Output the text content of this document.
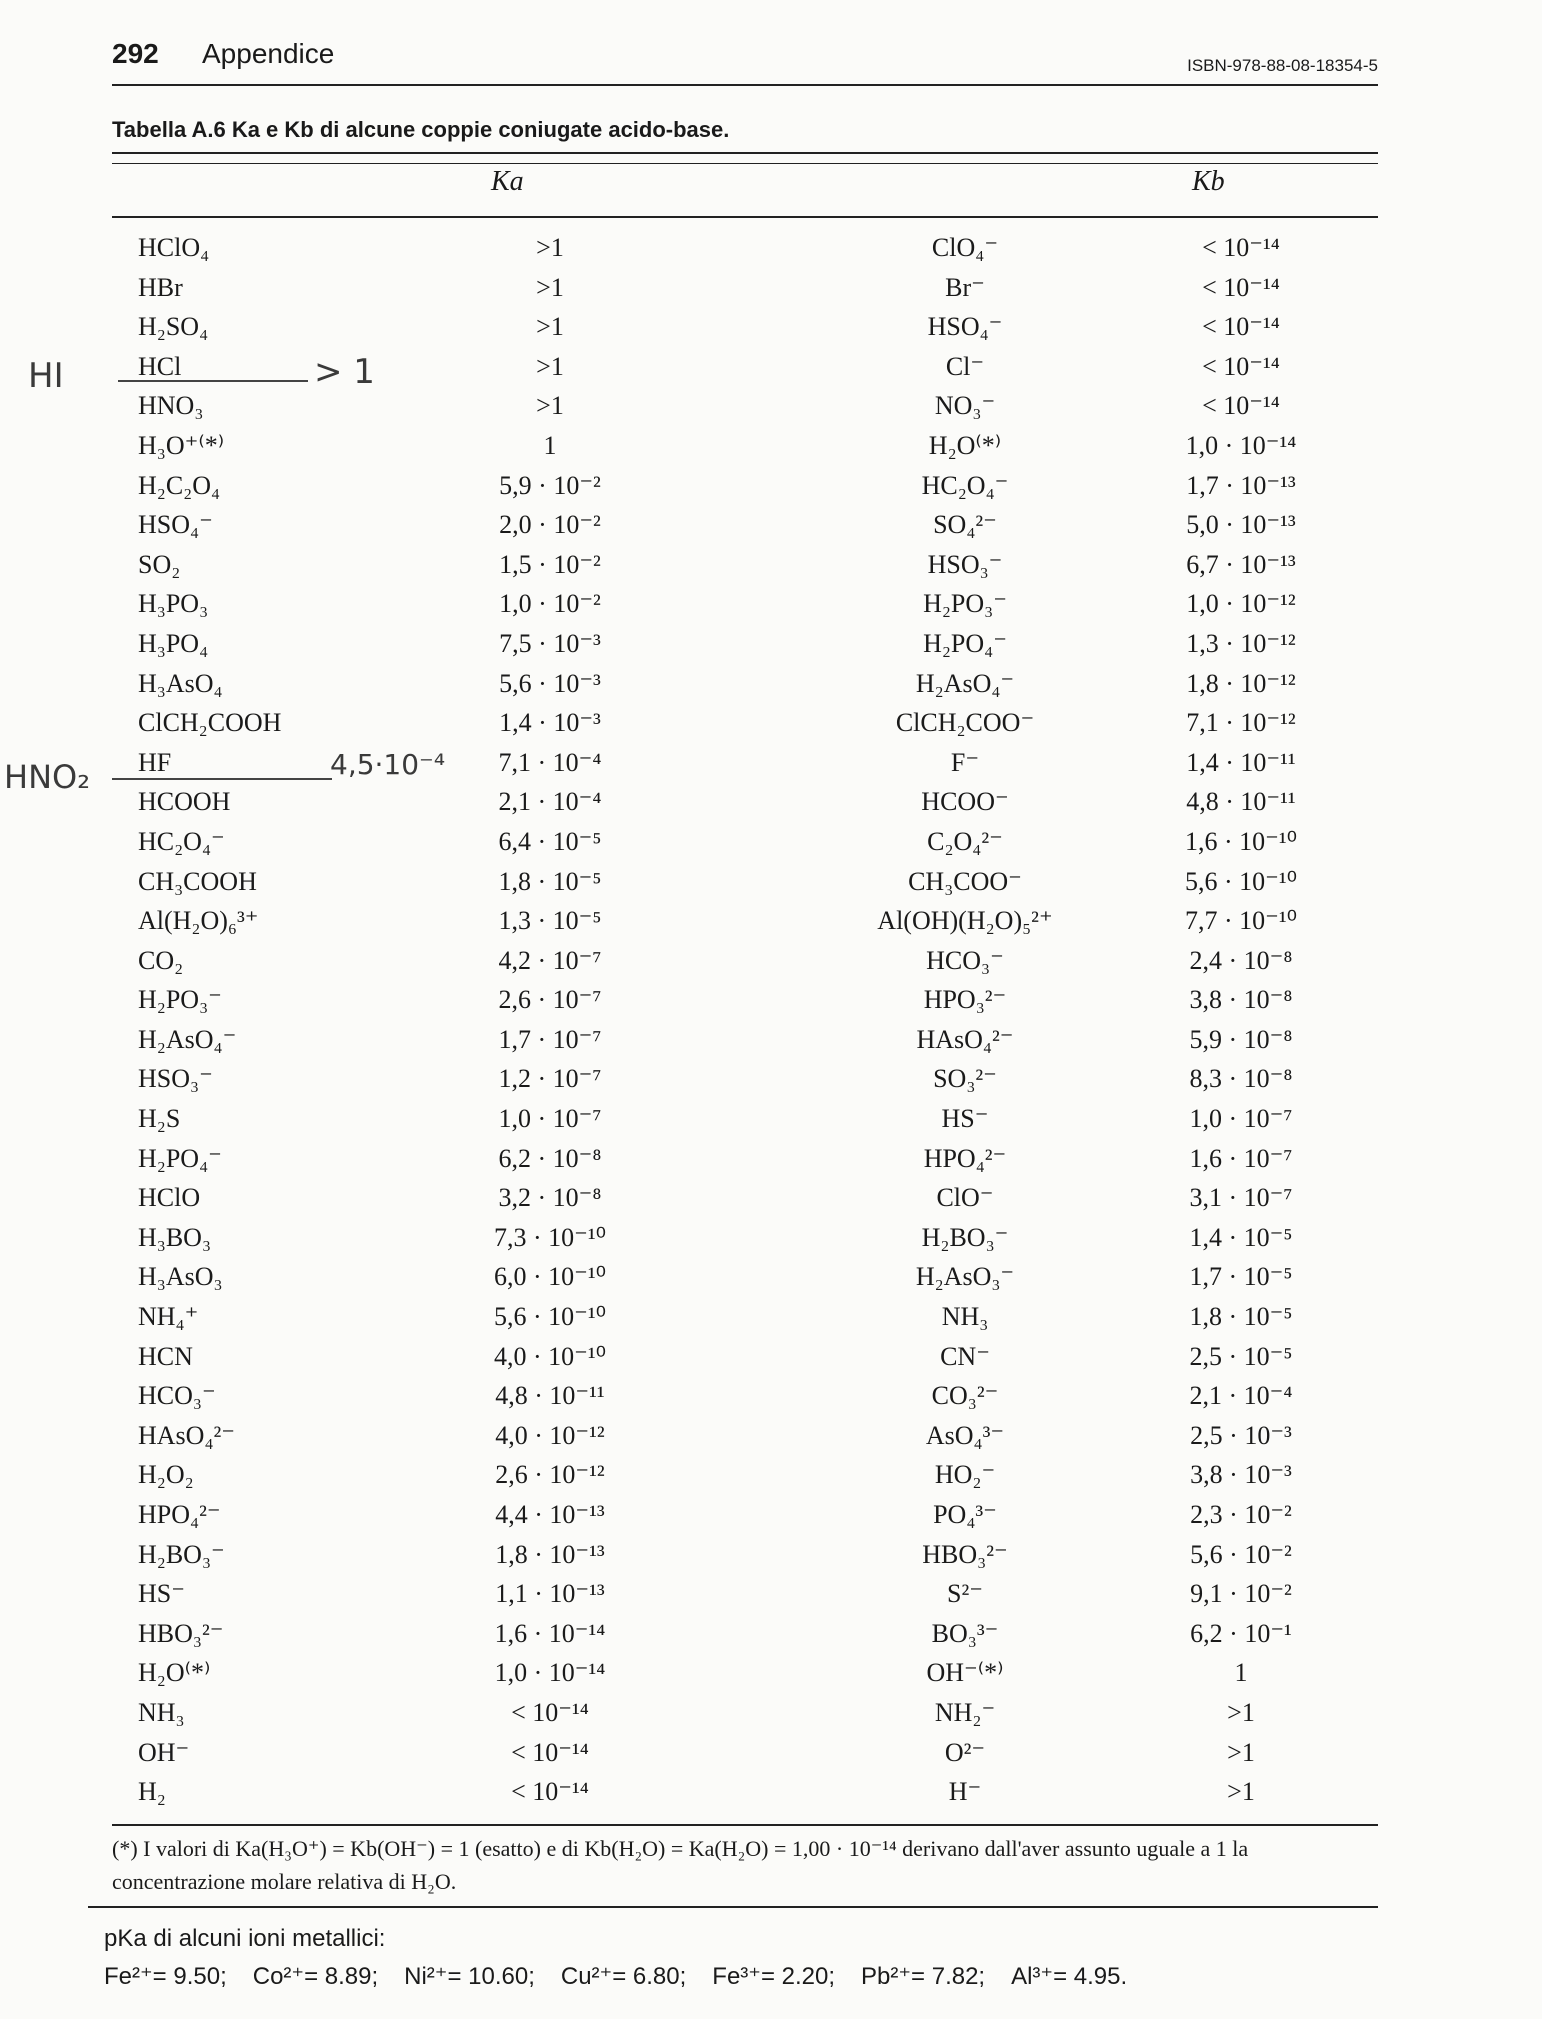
292 Appendice	ISBN-978-88-08-18354-5
Tabella A.6 Ka e Kb di alcune coppie coniugate acido-base.
Ka	Kb
HClO₄	>1	ClO₄⁻	< 10⁻¹⁴
HBr	>1	Br⁻	< 10⁻¹⁴
H₂SO₄	>1	HSO₄⁻	< 10⁻¹⁴
HCl	>1	Cl⁻	< 10⁻¹⁴
HNO₃	>1	NO₃⁻	< 10⁻¹⁴
H₃O⁺⁽*⁾	1	H₂O⁽*⁾	1,0 · 10⁻¹⁴
H₂C₂O₄	5,9 · 10⁻²	HC₂O₄⁻	1,7 · 10⁻¹³
HSO₄⁻	2,0 · 10⁻²	SO₄²⁻	5,0 · 10⁻¹³
SO₂	1,5 · 10⁻²	HSO₃⁻	6,7 · 10⁻¹³
H₃PO₃	1,0 · 10⁻²	H₂PO₃⁻	1,0 · 10⁻¹²
H₃PO₄	7,5 · 10⁻³	H₂PO₄⁻	1,3 · 10⁻¹²
H₃AsO₄	5,6 · 10⁻³	H₂AsO₄⁻	1,8 · 10⁻¹²
ClCH₂COOH	1,4 · 10⁻³	ClCH₂COO⁻	7,1 · 10⁻¹²
HF	7,1 · 10⁻⁴	F⁻	1,4 · 10⁻¹¹
HCOOH	2,1 · 10⁻⁴	HCOO⁻	4,8 · 10⁻¹¹
HC₂O₄⁻	6,4 · 10⁻⁵	C₂O₄²⁻	1,6 · 10⁻¹⁰
CH₃COOH	1,8 · 10⁻⁵	CH₃COO⁻	5,6 · 10⁻¹⁰
Al(H₂O)₆³⁺	1,3 · 10⁻⁵	Al(OH)(H₂O)₅²⁺	7,7 · 10⁻¹⁰
CO₂	4,2 · 10⁻⁷	HCO₃⁻	2,4 · 10⁻⁸
H₂PO₃⁻	2,6 · 10⁻⁷	HPO₃²⁻	3,8 · 10⁻⁸
H₂AsO₄⁻	1,7 · 10⁻⁷	HAsO₄²⁻	5,9 · 10⁻⁸
HSO₃⁻	1,2 · 10⁻⁷	SO₃²⁻	8,3 · 10⁻⁸
H₂S	1,0 · 10⁻⁷	HS⁻	1,0 · 10⁻⁷
H₂PO₄⁻	6,2 · 10⁻⁸	HPO₄²⁻	1,6 · 10⁻⁷
HClO	3,2 · 10⁻⁸	ClO⁻	3,1 · 10⁻⁷
H₃BO₃	7,3 · 10⁻¹⁰	H₂BO₃⁻	1,4 · 10⁻⁵
H₃AsO₃	6,0 · 10⁻¹⁰	H₂AsO₃⁻	1,7 · 10⁻⁵
NH₄⁺	5,6 · 10⁻¹⁰	NH₃	1,8 · 10⁻⁵
HCN	4,0 · 10⁻¹⁰	CN⁻	2,5 · 10⁻⁵
HCO₃⁻	4,8 · 10⁻¹¹	CO₃²⁻	2,1 · 10⁻⁴
HAsO₄²⁻	4,0 · 10⁻¹²	AsO₄³⁻	2,5 · 10⁻³
H₂O₂	2,6 · 10⁻¹²	HO₂⁻	3,8 · 10⁻³
HPO₄²⁻	4,4 · 10⁻¹³	PO₄³⁻	2,3 · 10⁻²
H₂BO₃⁻	1,8 · 10⁻¹³	HBO₃²⁻	5,6 · 10⁻²
HS⁻	1,1 · 10⁻¹³	S²⁻	9,1 · 10⁻²
HBO₃²⁻	1,6 · 10⁻¹⁴	BO₃³⁻	6,2 · 10⁻¹
H₂O⁽*⁾	1,0 · 10⁻¹⁴	OH⁻⁽*⁾	1
NH₃	< 10⁻¹⁴	NH₂⁻	>1
OH⁻	< 10⁻¹⁴	O²⁻	>1
H₂	< 10⁻¹⁴	H⁻	>1
(*) I valori di Ka(H₃O⁺) = Kb(OH⁻) = 1 (esatto) e di Kb(H₂O) = Ka(H₂O) = 1,00 · 10⁻¹⁴ derivano dall'aver assunto uguale a 1 la concentrazione molare relativa di H₂O.
pKa di alcuni ioni metallici:
Fe²⁺= 9.50; Co²⁺= 8.89; Ni²⁺= 10.60; Cu²⁺= 6.80; Fe³⁺= 2.20; Pb²⁺= 7.82; Al³⁺= 4.95.
HI	> 1
HNO₂	4,5·10⁻⁴
